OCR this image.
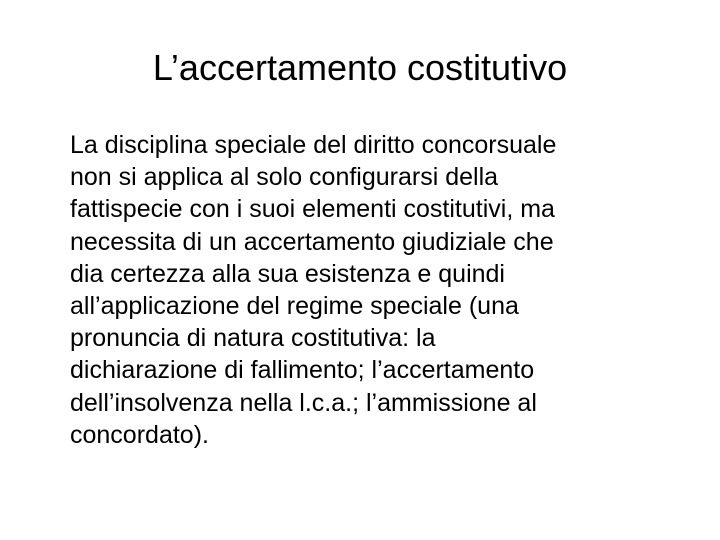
L’accertamento costitutivo

La disciplina speciale del diritto concorsuale
non si applica al solo configurarsi della
fattispecie con i suoi elementi costitutivi, ma
necessita di un accertamento giudiziale che
dia certezza alla sua esistenza e quindi
all’applicazione del regime speciale (una
pronuncia di natura costitutiva: la
dichiarazione di fallimento; l’accertamento
dell’insolvenza nella l.c.a.; l’ammissione al
concordato).
